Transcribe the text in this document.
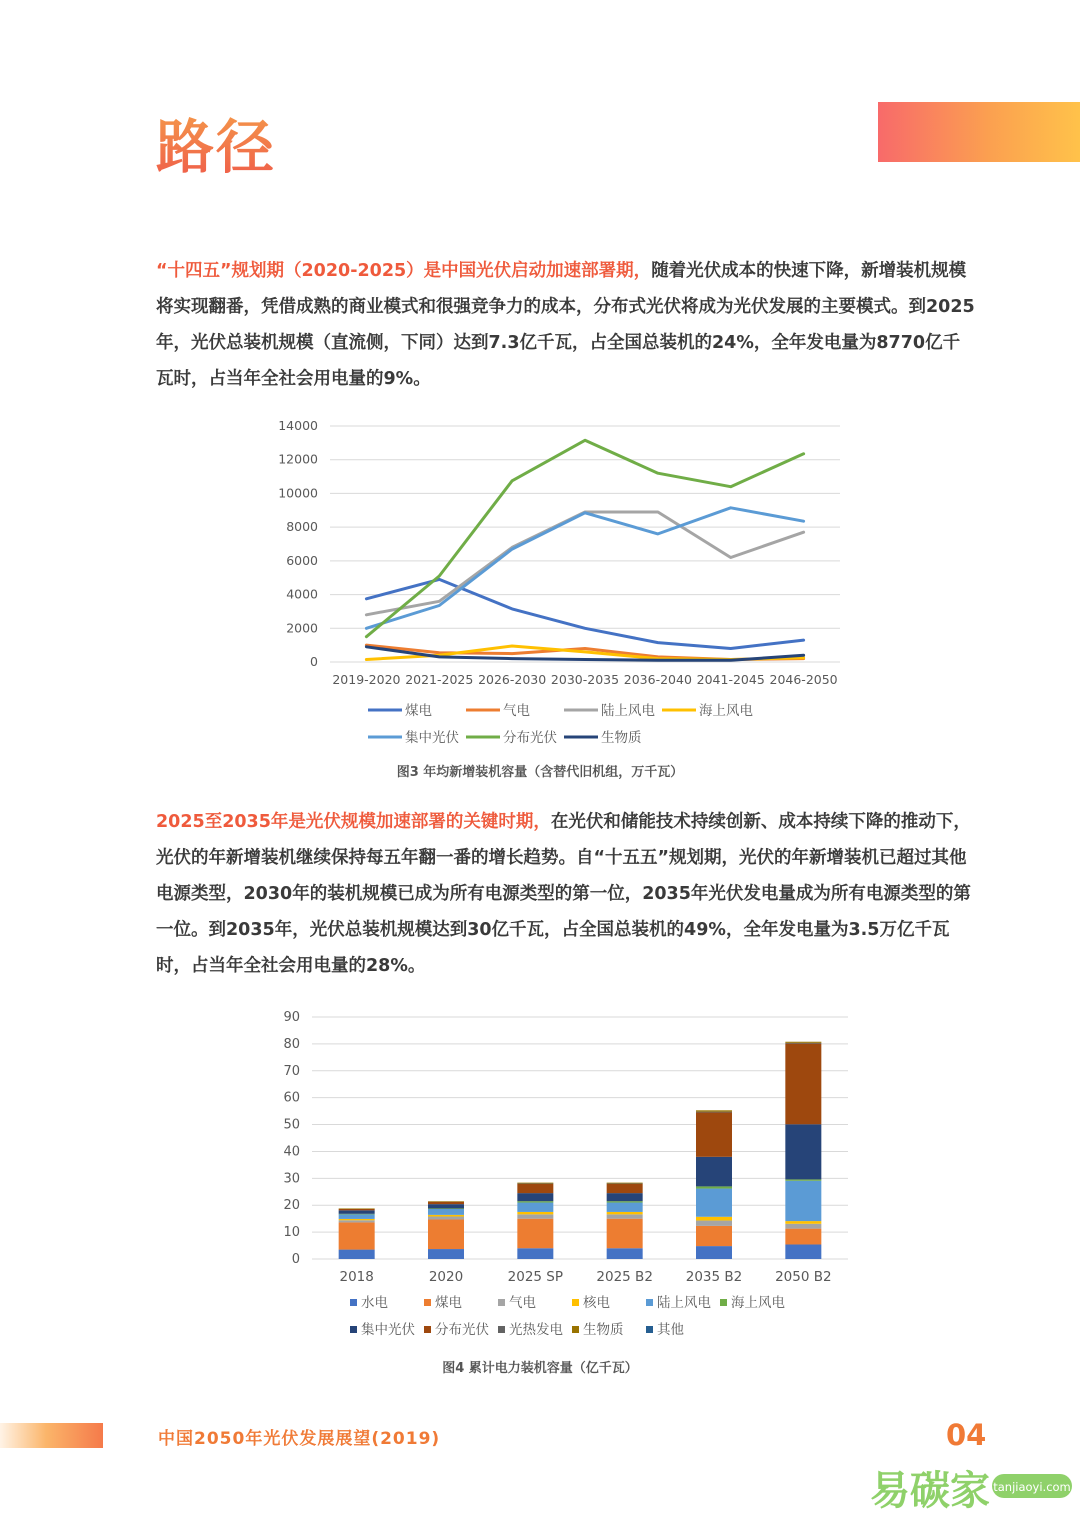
路径

“十四五”规划期（2020-2025）是中国光伏启动加速部署期，随着光伏成本的快速下降，新增装机规模将实现翻番，凭借成熟的商业模式和很强竞争力的成本，分布式光伏将成为光伏发展的主要模式。到2025年，光伏总装机规模（直流侧，下同）达到7.3亿千瓦，占全国总装机的24%，全年发电量为8770亿千瓦时，占当年全社会用电量的9%。

0
2000
4000
6000
8000
10000
12000
14000
2019-2020 2021-2025 2026-2030 2030-2035 2036-2040 2041-2045 2046-2050
煤电	气电	陆上风电	海上风电
集中光伏	分布光伏	生物质
图3 年均新增装机容量（含替代旧机组，万千瓦）

2025至2035年是光伏规模加速部署的关键时期，在光伏和储能技术持续创新、成本持续下降的推动下，光伏的年新增装机继续保持每五年翻一番的增长趋势。自“十五五”规划期，光伏的年新增装机已超过其他电源类型，2030年的装机规模已成为所有电源类型的第一位，2035年光伏发电量成为所有电源类型的第一位。到2035年，光伏总装机规模达到30亿千瓦，占全国总装机的49%，全年发电量为3.5万亿千瓦时，占当年全社会用电量的28%。

0
10
20
30
40
50
60
70
80
90
2018	2020	2025 SP 2025 B2 2035 B2 2050 B2
水电	煤电	气电	核电	陆上风电 海上风电
集中光伏 分布光伏 光热发电 生物质 其他
图4 累计电力装机容量（亿千瓦）
中国2050年光伏发展展望(2019)	04
易碳家 tanjiaoyi.com
